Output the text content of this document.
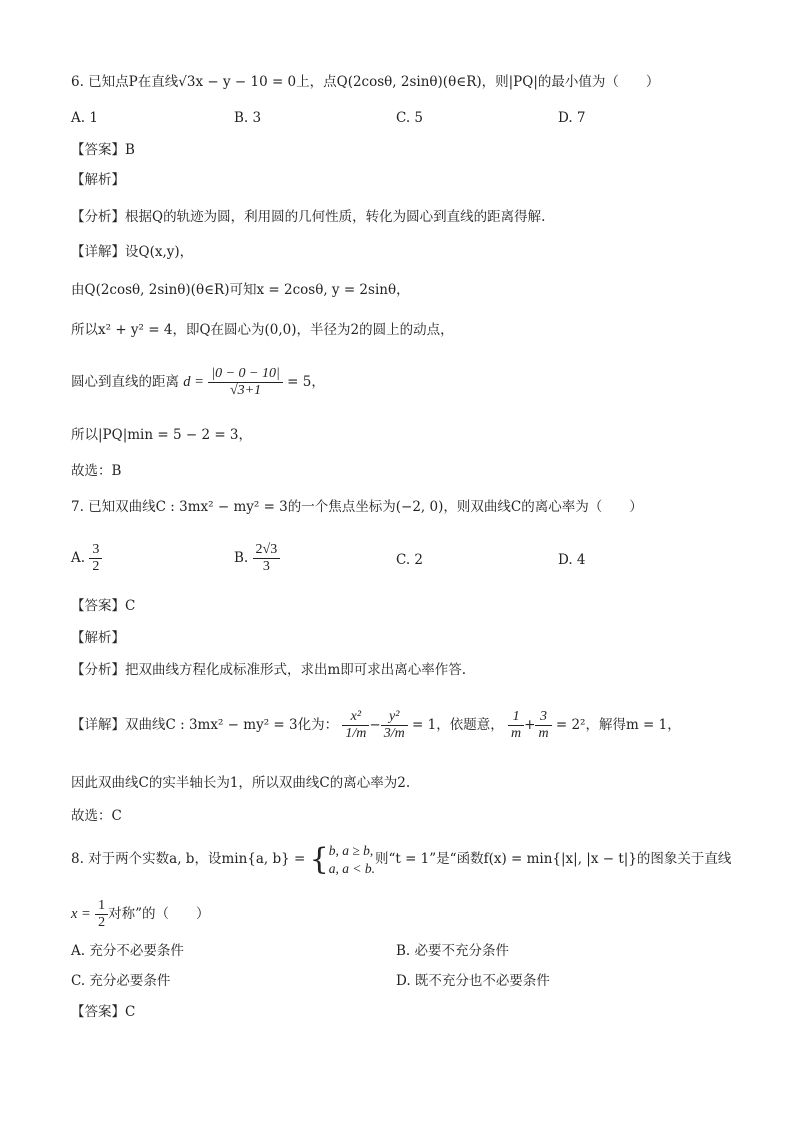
6. 已知点P在直线√3x − y − 10 = 0上，点Q(2cosθ, 2sinθ)(θ∈R)，则|PQ|的最小值为（　　）
A. 1	B. 3	C. 5	D. 7
【答案】B
【解析】
【分析】根据Q的轨迹为圆，利用圆的几何性质，转化为圆心到直线的距离得解.
【详解】设Q(x,y)，
由Q(2cosθ, 2sinθ)(θ∈R)可知x = 2cosθ, y = 2sinθ，
所以x² + y² = 4，即Q在圆心为(0,0)，半径为2的圆上的动点，
圆心到直线的距离 $d = \frac{|0 - 0 - 10|}{√3+1} = 5$，
所以|PQ|min = 5 − 2 = 3，
故选：B
7. 已知双曲线C : 3mx² − my² = 3的一个焦点坐标为(−2, 0)，则双曲线C的离心率为（　　）
A. $\frac{3}{2}$	B. $\frac{2√3}{3}$	C. 2	D. 4
【答案】C
【解析】
【分析】把双曲线方程化成标准形式，求出m即可求出离心率作答.
【详解】双曲线C : 3mx² − my² = 3化为： $\frac{\text{x²}}{1/m} - \frac{\text{y²}}{3/m} = 1$，依题意， $\frac{1}{m} + \frac{3}{m} = 2^2$，解得m = 1，
因此双曲线C的实半轴长为1，所以双曲线C的离心率为2.
故选：C
8. 对于两个实数a, b，设min{a, b} = { b, a ≥ b,
a, a < b.
则“t = 1”是“函数f(x) = min{|x|, |x − t|}的图象关于直线
$x = \frac{1}{2}$ 对称”的（　　）
A. 充分不必要条件	B. 必要不充分条件
C. 充分必要条件	D. 既不充分也不必要条件
【答案】C
